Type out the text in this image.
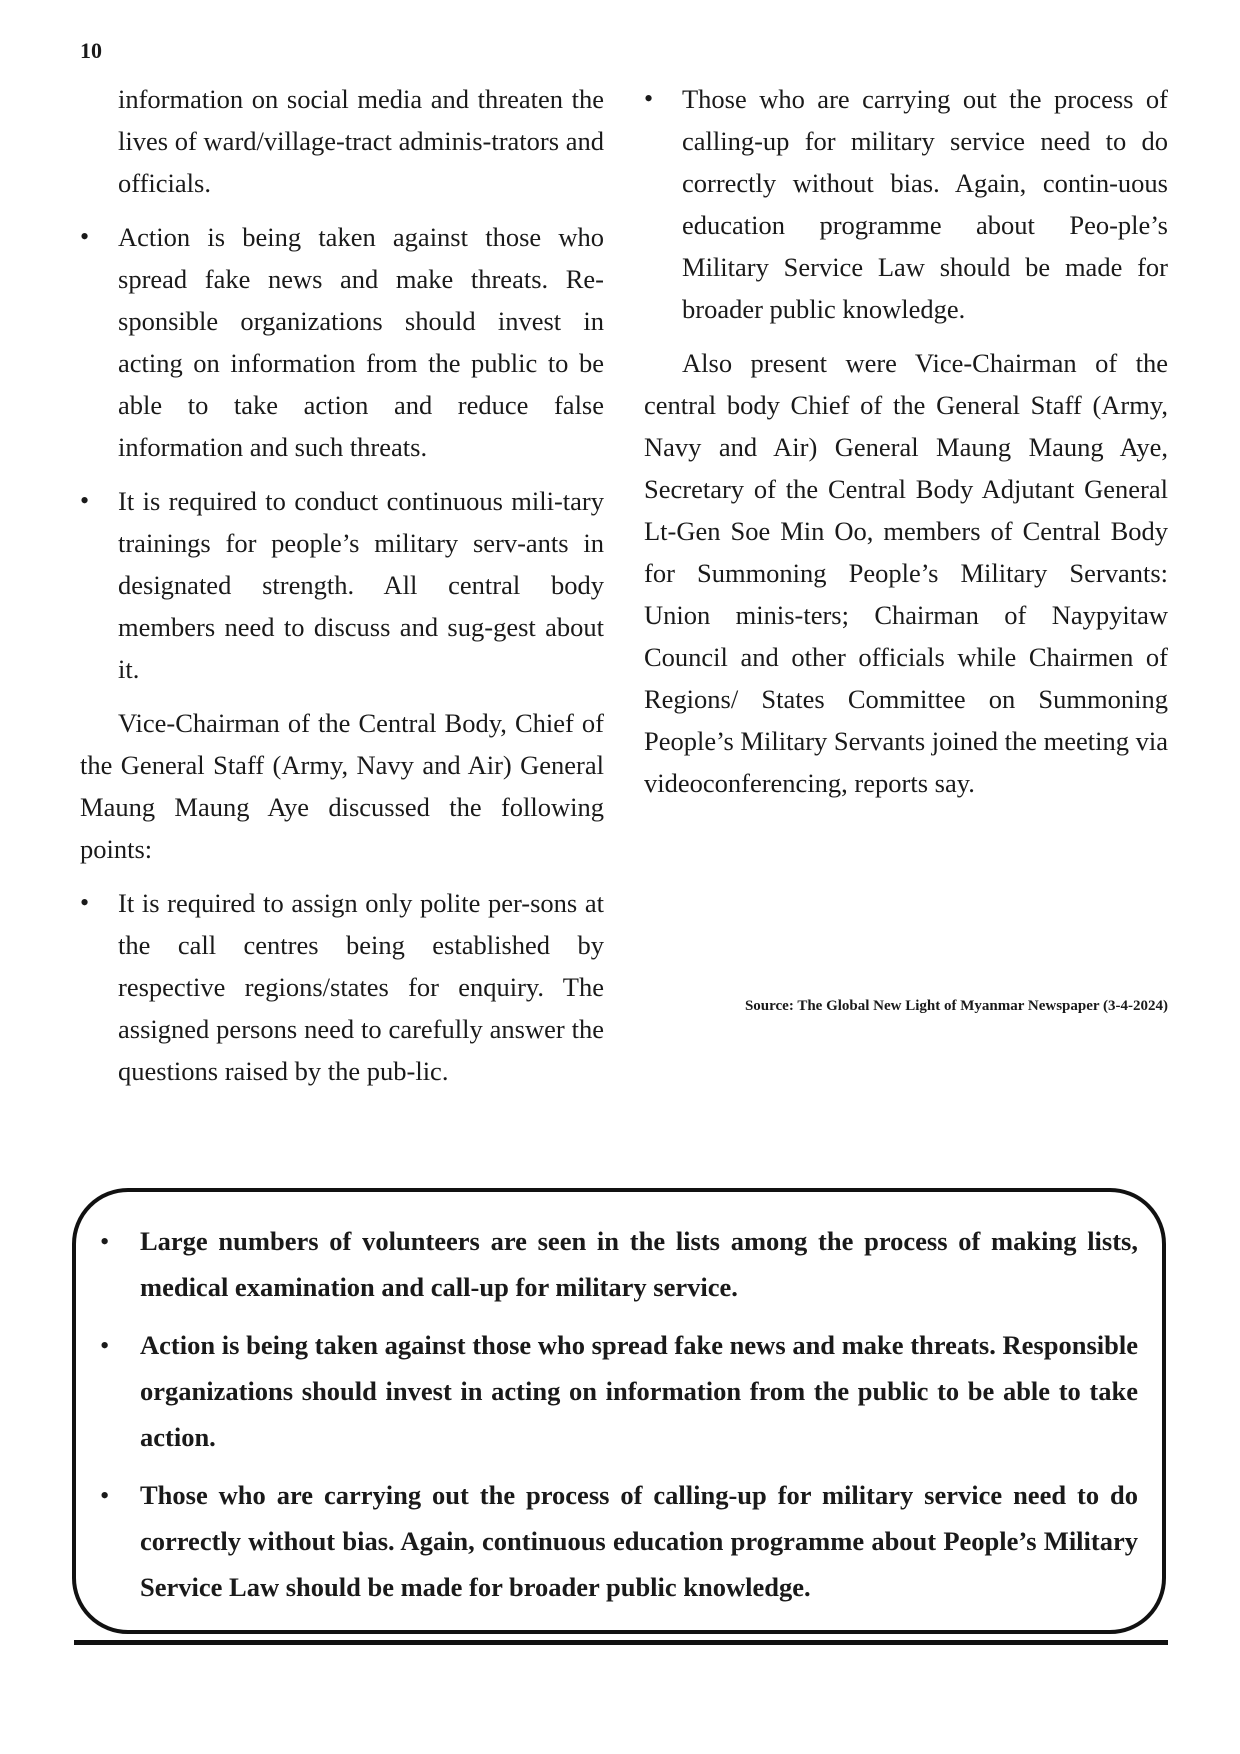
10

information on social media and threaten the lives of ward/village-tract adminis-trators and officials.

• Action is being taken against those who spread fake news and make threats. Re-sponsible organizations should invest in acting on information from the public to be able to take action and reduce false information and such threats.
• It is required to conduct continuous mili-tary trainings for people’s military serv-ants in designated strength. All central body members need to discuss and sug-gest about it.

Vice-Chairman of the Central Body, Chief of the General Staff (Army, Navy and Air) General Maung Maung Aye discussed the following points:

• It is required to assign only polite per-sons at the call centres being established by respective regions/states for enquiry. The assigned persons need to carefully answer the questions raised by the pub-lic.
• Those who are carrying out the process of calling-up for military service need to do correctly without bias. Again, contin-uous education programme about Peo-ple’s Military Service Law should be made for broader public knowledge.

Also present were Vice-Chairman of the central body Chief of the General Staff (Army, Navy and Air) General Maung Maung Aye, Secretary of the Central Body Adjutant General Lt-Gen Soe Min Oo, members of Central Body for Summoning People’s Military Servants: Union minis-ters; Chairman of Naypyitaw Council and other officials while Chairmen of Regions/ States Committee on Summoning People’s Military Servants joined the meeting via videoconferencing, reports say.

Source: The Global New Light of Myanmar Newspaper (3-4-2024)
• Large numbers of volunteers are seen in the lists among the process of making lists, medical examination and call-up for military service.
• Action is being taken against those who spread fake news and make threats. Responsible organizations should invest in acting on information from the public to be able to take action.
• Those who are carrying out the process of calling-up for military service need to do correctly without bias. Again, continuous education programme about People’s Military Service Law should be made for broader public knowledge.
